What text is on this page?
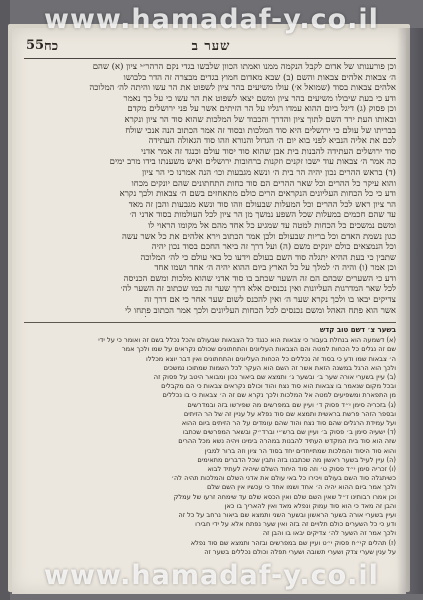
שער ב
55 כח
וכן פורענותו של אדום לקבל הנקמה ממנו ואמתו הכוון שלבשו בגדי נקם הרהר״י ציון (א) שהם
ה׳ צבאות אלהים צבאות והשם (ב) שבא מאדום חמוץ בגדים מבצרה זה הדר בלבושו
אלהים צבאות בסוד (שמואל א׳) עולו משיעים בהר ציון לשפוט את הר עשו והיתה לה׳ המלוכה
ודע כי בעת שיבולו משיעים בהר ציון ומשם יצאו לשפוט את הר עשו כי על כך נאמר
וכן פסוק (ג) דיגל ביום ההוא עמדו רגליו על הר הזיתים אשר על פני ירושלים מקדם
ובאותו העת ירד השם לתוך ציון והדרך והכבוד של המלכות שהוא סוד הר ציון ונקרא
בבריתו של עולם כי ירושלים היא סוד המלכות ובסוד זה אמר הכתוב הנה אנכי שולח
לכם את אליה הנביא לפני בוא יום ה׳ הגדול והנורא וזהו סוד הגאולה העתידה
סוד ירושלים העתידה להבנות בית אבן שהוא סוד יסוד עולם וכנגד זה אמר אדני
כה אמר ה׳ צבאות עוד ישבו זקנים וזקנות ברחובות ירושלים ואיש משענתו בידו מרב ימים
(ד) בראש ההרים נכון יהיה הר בית ה׳ ונשא מגבעות וכו׳ הנה אמרנו כי הר ציון
והוא עיקר כל ההרים וכל שאר ההרים הם סוד כחות התחתונים שהם יונקים מכחו
ודע כי כל הכחות העליונים הנקראים הרים כולם מתאחזים בשם ה׳ צבאות ולכך נקרא
הר ציון ראש לכל ההרים וכל המעלות שבעולם וזהו סוד ונשא מגבעות והבן זה מאד
עד שהם חכמים במעלות שכל השפע נמשך מן הר ציון לכל העולמות בסוד אדני ה׳
ומשם נמשכים כל הכחות למטה עד שמגיע כל אחד מהם אל מקומו הראוי לו
כגון נשמת האדם וכל בריות שבעולם ולכן אמר הכתוב וירא אלהים את כל אשר עשה
וכל הנמצאים כולם יונקים משם (ה) ועל דרך זה ביאר החכם בסוד נכון יהיה
שתבין כי בעת ההיא יתגלה סוד השם בעולם וידעו כל באי עולם כי לה׳ המלוכה
וכן אמר (ו) והיה ה׳ למלך על כל הארץ ביום ההוא יהיה ה׳ אחד ושמו אחד
ודע כי השערים שבהם הם זה השער שכתב בו סוד אדני שהוא מלכות ומשם הכניסה
לכל שאר המדרגות העליונות ואין נכנסים אלא דרך שער זה כמו שכתוב זה השער לה׳
צדיקים יבאו בו ולכך נקרא שער ה׳ ואין להכנס לשום שער אחר כי אם דרך זה
אשר הוא פתח האהל ומשם נכנסים לכל הכחות העליונים ולכך אמר הכתוב פתחו לי
בשער צ׳ דשם טוב קדש
(א) דשמעה הוא בנחלת בעבור כי צבאות הוא כנגד כל הצבאות שבעולם והכל נכלל בשם זה ואומר כי על ידי
שם זה נגלים כל הכחות למטה והם הצבאות העליונים והתחתונים שכולם נקראים על שמו ולכך אמר
ה׳ צבאות שמו ודע כי בסוד זה נכללים כל הכחות העליונים והתחתונים ואין דבר יוצא מכללו
ולכך הוא הרגל במשנה הזאת אשר זה השם הוא העקר לכל השמות שמתוכו נמשכים
(ב) עיין בשערי אורה שער ב׳ ובשער ג׳ ותמצא שם ביאור נכון ומבואר היטב על פסוק זה
ובכל מקום שנאמר בו צבאות הוא סוד נצח והוד וכולם נקראים צבאות כי הם מקבלים
מן התפארת ומשפיעים למטה אל המלכות ולכך נקרא שם זה ה׳ צבאות כי בו נכללים
(ג) בזכריה סימן י״ד פסוק ד׳ ועיין שם במפרשים מה שפירשו בזה ובמדרשים
ובספר הזהר פרשת בראשית ותמצא שם סוד נפלא על עניין זה של הר הזיתים
ועל עמידת הרגלים שהם סוד נצח והוד שהם עומדים על הר הזיתים ביום ההוא
(ד) ישעיה סימן ב׳ פסוק ב׳ ועיין שם ברש״י וברד״ק ובשאר המפרשים שכתבו
שזה הוא סוד בית המקדש העתיד להבנות במהרה בימינו ויהיה נשא מכל ההרים
והוא סוד היסוד והמלכות שמתייחדים יחד בסוד הר ציון וזה ברור למבין
(ה) עיין לעיל בשער ראשון מה שכתבנו בזה ותבין שכל הדברים מתאימים
(ו) זכריה סימן י״ד פסוק ט׳ וזה סוד היחוד השלם שיהיה לעתיד לבוא
כשיתגלה סוד השם בעולם ויכירו כל באי עולם את אדני השלם והמלכות תהיה לה׳
ולכך אמר ביום ההוא יהיה ה׳ אחד ושמו אחד כי עכשיו אין השם שלם
וכן אמרו רבותינו ז״ל שאין השם שלם ואין הכסא שלם עד שימחה זרעו של עמלק
והבן זה מאד כי הוא סוד עמוק ונפלא מאד ואין להאריך בו כאן
ועיין בשערי אורה בשער הראשון ובשער השני ותמצא שם ביאור נרחב על כל זה
ודע כי כל השערים כולם תלויים זה בזה ואין שער נפתח אלא על ידי חבירו
ולכך אמר זה השער לה׳ צדיקים יבאו בו והבן זה
(ז) תהלים קי״ח פסוק י״ט ועיין שם במפרשים ובזהר ותמצא שם סוד נפלא
על ענין שערי צדק ושערי תשובה ושערי תפלה וכולם נכללים בשער זה
www.hamadaf-y.co.il
www.hamadaf-y.co.il
